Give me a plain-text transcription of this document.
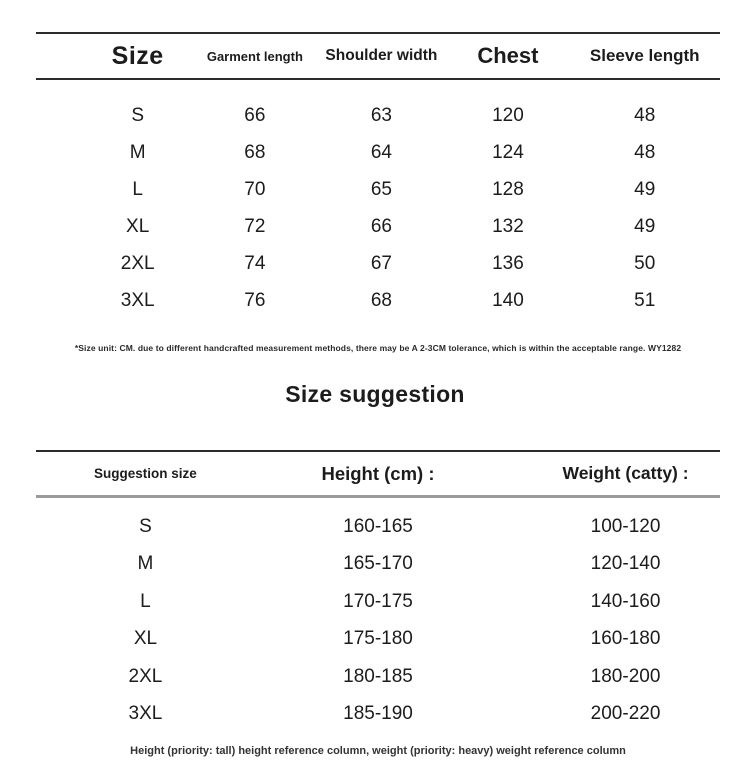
Size	Garment length	Shoulder width	Chest	Sleeve length
S	66	63	120	48
M	68	64	124	48
L	70	65	128	49
XL	72	66	132	49
2XL	74	67	136	50
3XL	76	68	140	51
*Size unit: CM. due to different handcrafted measurement methods, there may be A 2-3CM tolerance, which is within the acceptable range. WY1282
Size suggestion
Suggestion size	Height (cm) :	Weight (catty) :
S	160-165	100-120
M	165-170	120-140
L	170-175	140-160
XL	175-180	160-180
2XL	180-185	180-200
3XL	185-190	200-220
Height (priority: tall) height reference column, weight (priority: heavy) weight reference column
